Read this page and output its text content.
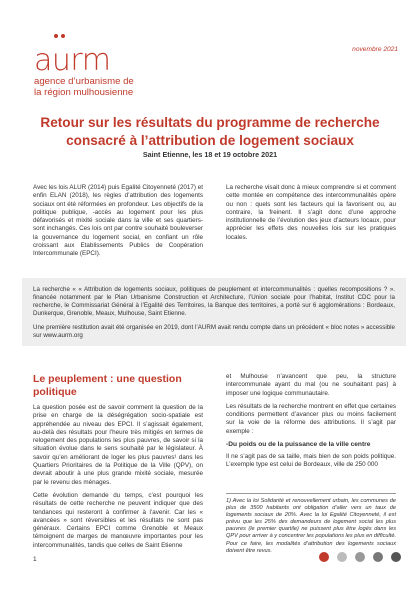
aurm
agence d’urbanisme de
la région mulhousienne
novembre 2021
Retour sur les résultats du programme de recherche
consacré à l’attribution de logement sociaux
Saint Etienne, les 18 et 19 octobre 2021

Avec les lois ALUR (2014) puis Egalité Citoyenneté (2017) et enfin ELAN (2018), les règles d’attribution des logements sociaux ont été réformées en profondeur. Les objectifs de la politique publique, -accès au logement pour les plus défavorisés et mixité sociale dans la ville et ses quartiers- sont inchangés. Ces lois ont par contre souhaité bouleverser la gouvernance du logement social, en confiant un rôle croissant aux Etablissements Publics de Coopération Intercommunale (EPCI).

La recherche visait donc à mieux comprendre si et comment cette montée en compétence des intercommunalités opère ou non : quels sont les facteurs qui la favorisent ou, au contraire, la freinent. Il s’agit donc d’une approche institutionnelle de l’évolution des jeux d’acteurs locaux, pour apprécier les effets des nouvelles lois sur les pratiques locales.

La recherche « « Attribution de logements sociaux, politiques de peuplement et intercommunalités : quelles recompositions ? ». financée notamment par le Plan Urbanisme Construction et Architecture, l’Union sociale pour l’habitat, Institut CDC pour la recherche, le Commissariat Général à l’Egalité des Territoires, la Banque des territoires, a porté sur 6 agglomérations : Bordeaux, Dunkerque, Grenoble, Meaux, Mulhouse, Saint Etienne.

Une première restitution avait été organisée en 2019, dont l’AURM avait rendu compte dans un précédent « bloc notes » accessible sur www.aurm.org

Le peuplement : une question politique

La question posée est de savoir comment la question de la prise en charge de la déségrégation socio-spatiale est appréhendée au niveau des EPCI. Il s’agissait également, au-delà des résultats pour l’heure très mitigés en termes de relogement des populations les plus pauvres, de savoir si la situation évolue dans le sens souhaité par le législateur. À savoir qu’en améliorant de loger les plus pauvres¹ dans les Quartiers Prioritaires de la Politique de la Ville (QPV), on devrait aboutir à une plus grande mixité sociale, mesurée par le revenu des ménages.

Cette évolution demande du temps, c’est pourquoi les résultats de cette recherche ne peuvent indiquer que des tendances qui resteront à confirmer à l’avenir. Car les « avancées » sont réversibles et les résultats ne sont pas généraux. Certains EPCI comme Grenoble et Meaux témoignent de marges de manœuvre importantes pour les intercommunalités, tandis que celles de Saint Etienne

et Mulhouse n’avancent que peu, la structure intercommunale ayant du mal (ou ne souhaitant pas) à imposer une logique communautaire.

Les résultats de la recherche montrent en effet que certaines conditions permettent d’avancer plus ou moins facilement sur la voie de la réforme des attributions. Il s’agit par exemple :

-Du poids ou de la puissance de la ville centre

Il ne s’agit pas de sa taille, mais bien de son poids politique. L’exemple type est celui de Bordeaux, ville de 250 000

1) Avec la loi Solidarité et renouvellement urbain, les communes de plus de 3500 habitants ont obligation d’aller vers un taux de logements sociaux de 20%. Avec la loi Egalité Citoyenneté, il est prévu que les 25% des demandeurs de logement social les plus pauvres (le premier quartile) ne puissent plus être logés dans les QPV pour arriver à y concentrer les populations les plus en difficulté. Pour ce faire, les modalités d’attribution des logements sociaux doivent être revus.

1
